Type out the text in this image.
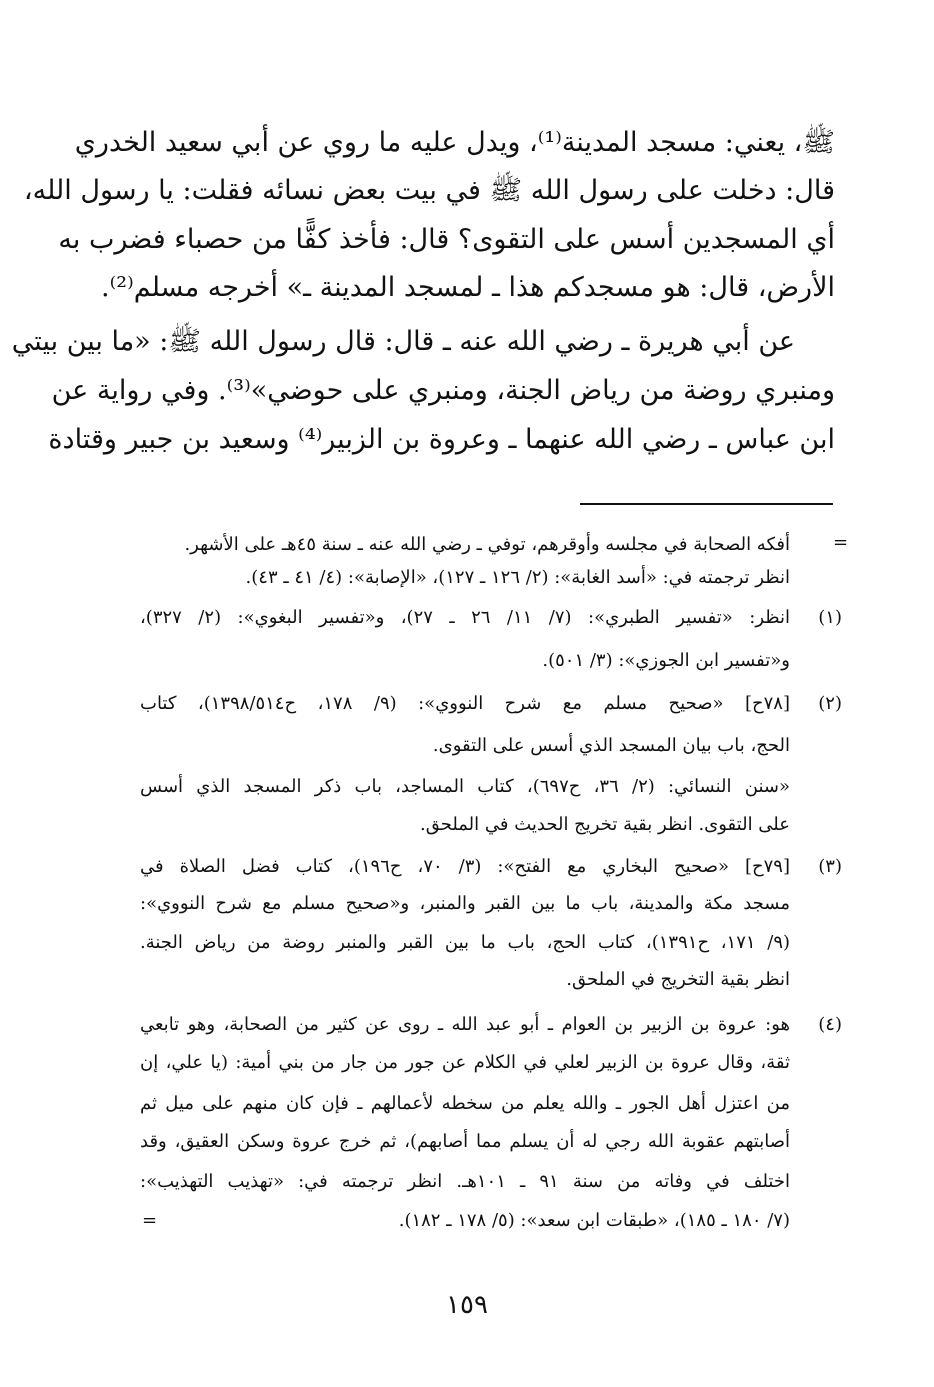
ﷺ، يعني: مسجد المدينة⁽¹⁾، ويدل عليه ما روي عن أبي سعيد الخدري
قال: دخلت على رسول الله ﷺ في بيت بعض نسائه فقلت: يا رسول الله،
أي المسجدين أسس على التقوى؟ قال: فأخذ كفًّا من حصباء فضرب به
الأرض، قال: هو مسجدكم هذا ـ لمسجد المدينة ـ» أخرجه مسلم⁽²⁾.
عن أبي هريرة ـ رضي الله عنه ـ قال: قال رسول الله ﷺ: «ما بين بيتي
ومنبري روضة من رياض الجنة، ومنبري على حوضي»⁽³⁾. وفي رواية عن
ابن عباس ـ رضي الله عنهما ـ وعروة بن الزبير⁽⁴⁾ وسعيد بن جبير وقتادة
=
أفكه الصحابة في مجلسه وأوقرهم، توفي ـ رضي الله عنه ـ سنة ٤٥هـ على الأشهر.
انظر ترجمته في: «أسد الغابة»: (٢/ ١٢٦ ـ ١٢٧)، «الإصابة»: (٤/ ٤١ ـ ٤٣).
(١)
انظر: «تفسير الطبري»: (٧/ ١١/ ٢٦ ـ ٢٧)، و«تفسير البغوي»: (٢/ ٣٢٧)،
و«تفسير ابن الجوزي»: (٣/ ٥٠١).
(٢)
[٧٨ح] «صحيح مسلم مع شرح النووي»: (٩/ ١٧٨، ح١٣٩٨/٥١٤)، كتاب
الحج، باب بيان المسجد الذي أسس على التقوى.
«سنن النسائي: (٢/ ٣٦، ح٦٩٧)، كتاب المساجد، باب ذكر المسجد الذي أسس
على التقوى. انظر بقية تخريج الحديث في الملحق.
(٣)
[٧٩ح] «صحيح البخاري مع الفتح»: (٣/ ٧٠، ح١٩٦)، كتاب فضل الصلاة في
مسجد مكة والمدينة، باب ما بين القبر والمنبر، و«صحيح مسلم مع شرح النووي»:
(٩/ ١٧١، ح١٣٩١)، كتاب الحج، باب ما بين القبر والمنبر روضة من رياض الجنة.
انظر بقية التخريج في الملحق.
(٤)
هو: عروة بن الزبير بن العوام ـ أبو عبد الله ـ روى عن كثير من الصحابة، وهو تابعي
ثقة، وقال عروة بن الزبير لعلي في الكلام عن جور من جار من بني أمية: (يا علي، إن
من اعتزل أهل الجور ـ والله يعلم من سخطه لأعمالهم ـ فإن كان منهم على ميل ثم
أصابتهم عقوبة الله رجي له أن يسلم مما أصابهم)، ثم خرج عروة وسكن العقيق، وقد
اختلف في وفاته من سنة ٩١ ـ ١٠١هـ. انظر ترجمته في: «تهذيب التهذيب»:
(٧/ ١٨٠ ـ ١٨٥)، «طبقات ابن سعد»: (٥/ ١٧٨ ـ ١٨٢).
=
١٥٩
